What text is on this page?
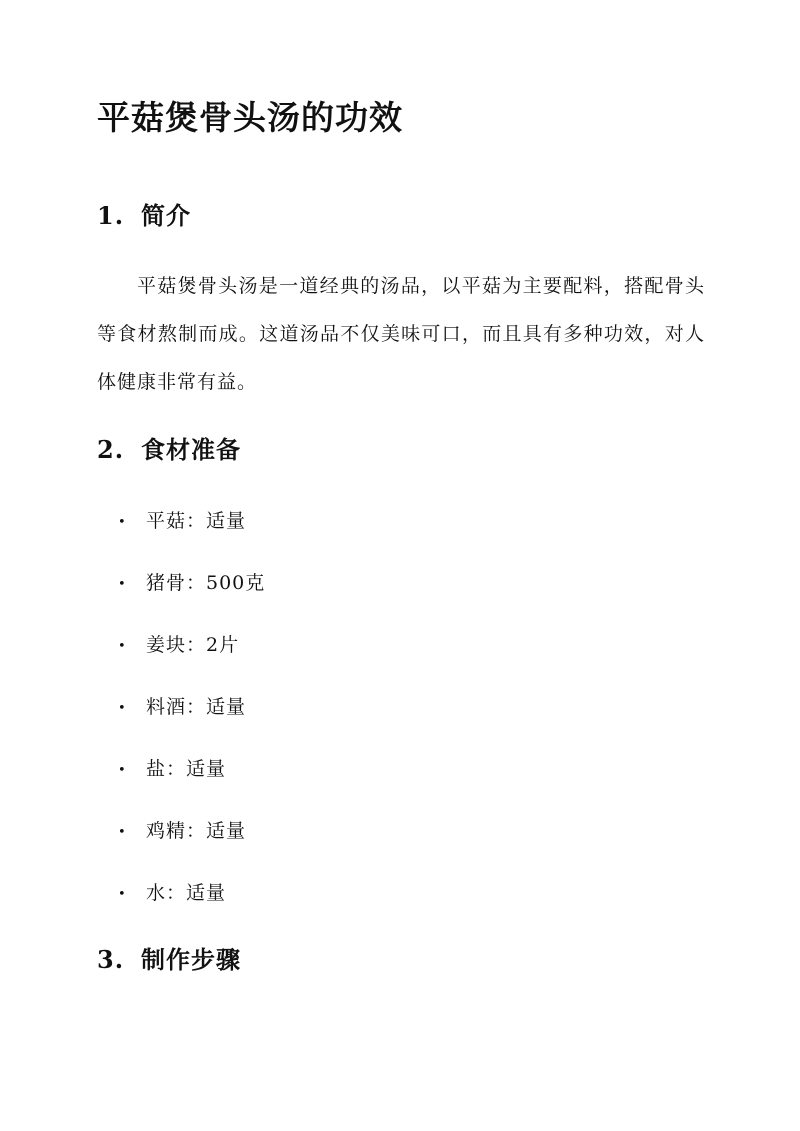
平菇煲骨头汤的功效
1. 简介

平菇煲骨头汤是一道经典的汤品，以平菇为主要配料，搭配骨头等食材熬制而成。这道汤品不仅美味可口，而且具有多种功效，对人体健康非常有益。

2. 食材准备
• 平菇：适量
• 猪骨：500克
• 姜块：2片
• 料酒：适量
• 盐：适量
• 鸡精：适量
• 水：适量
3. 制作步骤
